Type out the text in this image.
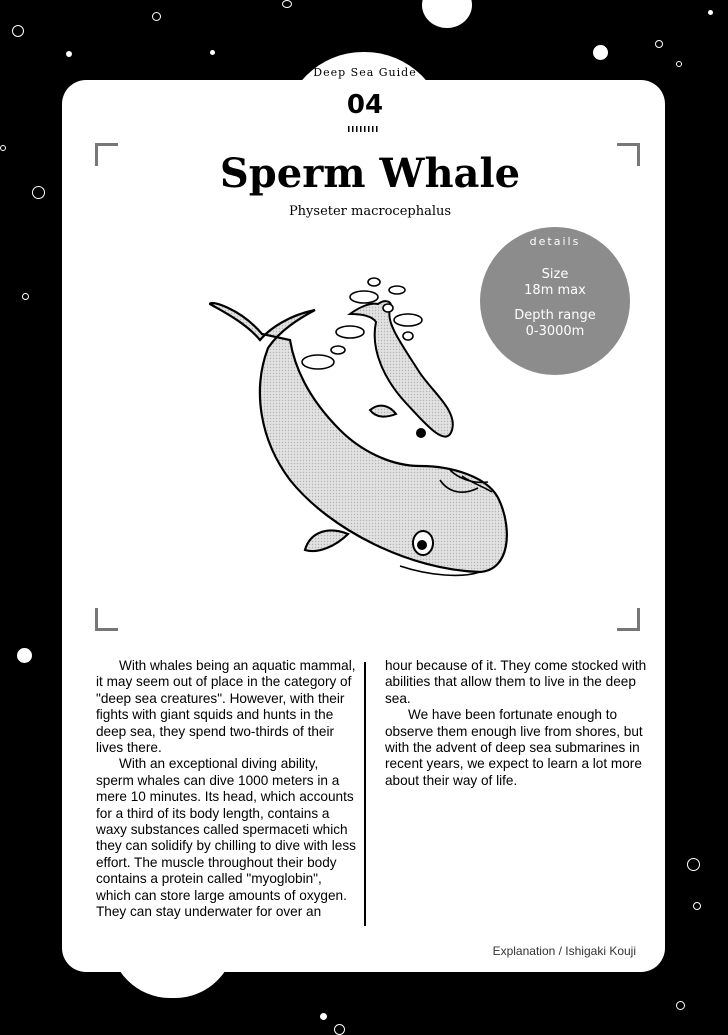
Deep Sea Guide
04
Sperm Whale
Physeter macrocephalus
details
Size
18m max
Depth range
0-3000m

With whales being an aquatic mammal, it may seem out of place in the category of "deep sea creatures". However, with their fights with giant squids and hunts in the deep sea, they spend two-thirds of their lives there.

With an exceptional diving ability, sperm whales can dive 1000 meters in a mere 10 minutes. Its head, which accounts for a third of its body length, contains a waxy substances called spermaceti which they can solidify by chilling to dive with less effort. The muscle throughout their body contains a protein called "myoglobin", which can store large amounts of oxygen. They can stay underwater for over an

hour because of it. They come stocked with abilities that allow them to live in the deep sea.

We have been fortunate enough to observe them enough live from shores, but with the advent of deep sea submarines in recent years, we expect to learn a lot more about their way of life.

Explanation / Ishigaki Kouji
